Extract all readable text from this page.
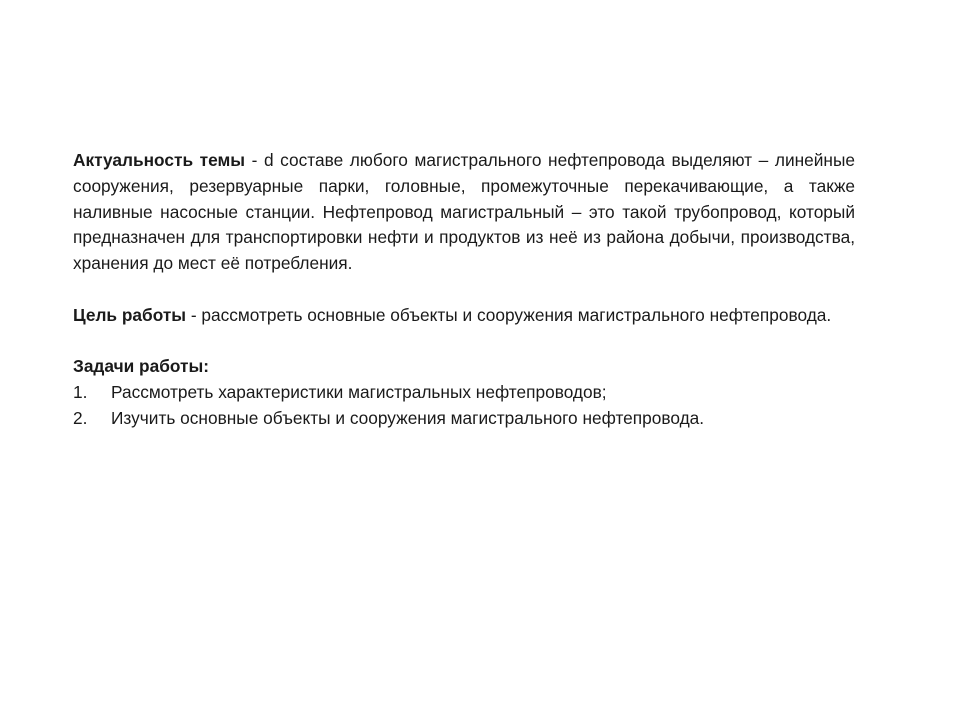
Актуальность темы - d составе любого магистрального нефтепровода выделяют – линейные сооружения, резервуарные парки, головные, промежуточные перекачивающие, а также наливные насосные станции. Нефтепровод магистральный – это такой трубопровод, который предназначен для транспортировки нефти и продуктов из неё из района добычи, производства, хранения до мест её потребления.

Цель работы - рассмотреть основные объекты и сооружения магистрального нефтепровода.

Задачи работы:

1.	Рассмотреть характеристики магистральных нефтепроводов;
2.	Изучить основные объекты и сооружения магистрального нефтепровода.
